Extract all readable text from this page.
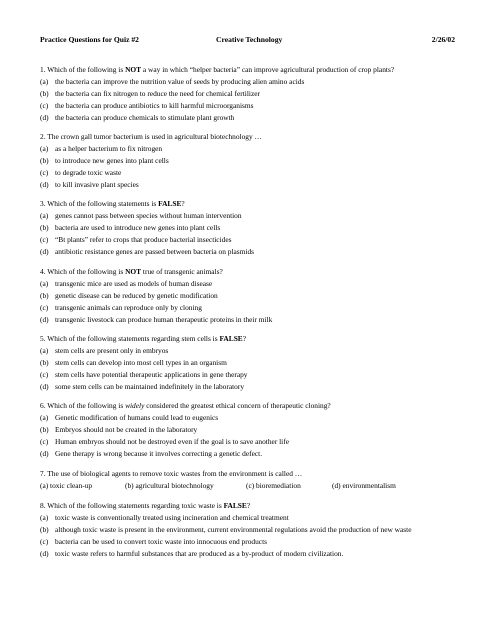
Practice Questions for Quiz #2	Creative Technology	2/26/02
1. Which of the following is NOT a way in which “helper bacteria” can improve agricultural production of crop plants?
(a) the bacteria can improve the nutrition value of seeds by producing alien amino acids
(b) the bacteria can fix nitrogen to reduce the need for chemical fertilizer
(c) the bacteria can produce antibiotics to kill harmful microorganisms
(d) the bacteria can produce chemicals to stimulate plant growth
2. The crown gall tumor bacterium is used in agricultural biotechnology …
(a) as a helper bacterium to fix nitrogen
(b) to introduce new genes into plant cells
(c) to degrade toxic waste
(d) to kill invasive plant species
3. Which of the following statements is FALSE?
(a) genes cannot pass between species without human intervention
(b) bacteria are used to introduce new genes into plant cells
(c) “Bt plants” refer to crops that produce bacterial insecticides
(d) antibiotic resistance genes are passed between bacteria on plasmids
4. Which of the following is NOT true of transgenic animals?
(a) transgenic mice are used as models of human disease
(b) genetic disease can be reduced by genetic modification
(c) transgenic animals can reproduce only by cloning
(d) transgenic livestock can produce human therapeutic proteins in their milk
5. Which of the following statements regarding stem cells is FALSE?
(a) stem cells are present only in embryos
(b) stem cells can develop into most cell types in an organism
(c) stem cells have potential therapeutic applications in gene therapy
(d) some stem cells can be maintained indefinitely in the laboratory
6. Which of the following is widely considered the greatest ethical concern of therapeutic cloning?
(a) Genetic modification of humans could lead to eugenics
(b) Embryos should not be created in the laboratory
(c) Human embryos should not be destroyed even if the goal is to save another life
(d) Gene therapy is wrong because it involves correcting a genetic defect.
7. The use of biological agents to remove toxic wastes from the environment is called …
(a) toxic clean-up	(b) agricultural biotechnology	(c) bioremediation	(d) environmentalism
8. Which of the following statements regarding toxic waste is FALSE?
(a) toxic waste is conventionally treated using incineration and chemical treatment
(b) although toxic waste is present in the environment, current environmental regulations avoid the production of new waste
(c) bacteria can be used to convert toxic waste into innocuous end products
(d) toxic waste refers to harmful substances that are produced as a by-product of modern civilization.
